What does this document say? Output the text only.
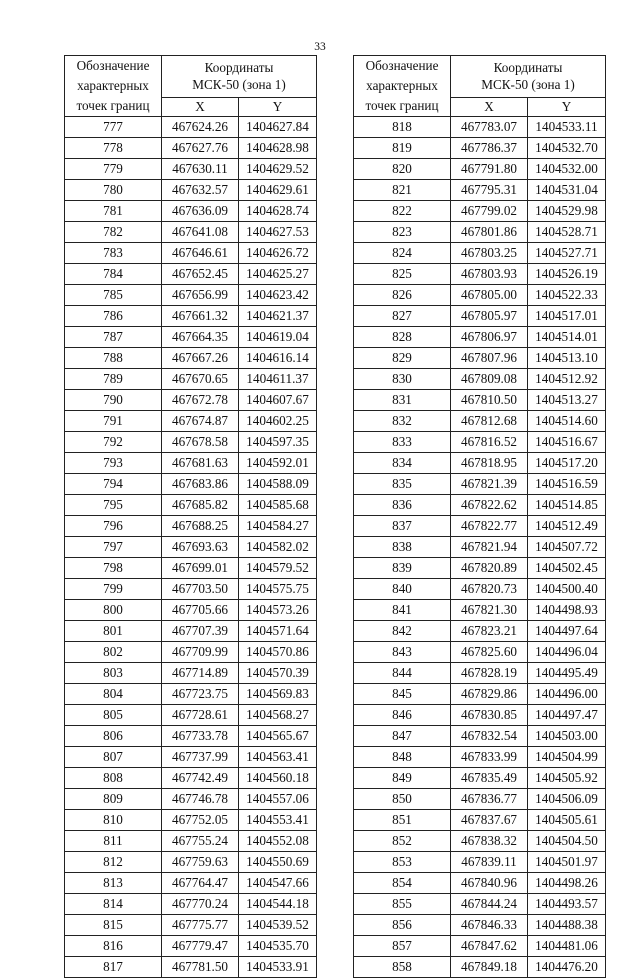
33
Обозначение
характерных
точек границ	Координаты
МСК-50 (зона 1)	
	X	Y
777	467624.26	1404627.84
778	467627.76	1404628.98
779	467630.11	1404629.52
780	467632.57	1404629.61
781	467636.09	1404628.74
782	467641.08	1404627.53
783	467646.61	1404626.72
784	467652.45	1404625.27
785	467656.99	1404623.42
786	467661.32	1404621.37
787	467664.35	1404619.04
788	467667.26	1404616.14
789	467670.65	1404611.37
790	467672.78	1404607.67
791	467674.87	1404602.25
792	467678.58	1404597.35
793	467681.63	1404592.01
794	467683.86	1404588.09
795	467685.82	1404585.68
796	467688.25	1404584.27
797	467693.63	1404582.02
798	467699.01	1404579.52
799	467703.50	1404575.75
800	467705.66	1404573.26
801	467707.39	1404571.64
802	467709.99	1404570.86
803	467714.89	1404570.39
804	467723.75	1404569.83
805	467728.61	1404568.27
806	467733.78	1404565.67
807	467737.99	1404563.41
808	467742.49	1404560.18
809	467746.78	1404557.06
810	467752.05	1404553.41
811	467755.24	1404552.08
812	467759.63	1404550.69
813	467764.47	1404547.66
814	467770.24	1404544.18
815	467775.77	1404539.52
816	467779.47	1404535.70
817	467781.50	1404533.91
Обозначение
характерных
точек границ	Координаты
МСК-50 (зона 1)	
	X	Y
818	467783.07	1404533.11
819	467786.37	1404532.70
820	467791.80	1404532.00
821	467795.31	1404531.04
822	467799.02	1404529.98
823	467801.86	1404528.71
824	467803.25	1404527.71
825	467803.93	1404526.19
826	467805.00	1404522.33
827	467805.97	1404517.01
828	467806.97	1404514.01
829	467807.96	1404513.10
830	467809.08	1404512.92
831	467810.50	1404513.27
832	467812.68	1404514.60
833	467816.52	1404516.67
834	467818.95	1404517.20
835	467821.39	1404516.59
836	467822.62	1404514.85
837	467822.77	1404512.49
838	467821.94	1404507.72
839	467820.89	1404502.45
840	467820.73	1404500.40
841	467821.30	1404498.93
842	467823.21	1404497.64
843	467825.60	1404496.04
844	467828.19	1404495.49
845	467829.86	1404496.00
846	467830.85	1404497.47
847	467832.54	1404503.00
848	467833.99	1404504.99
849	467835.49	1404505.92
850	467836.77	1404506.09
851	467837.67	1404505.61
852	467838.32	1404504.50
853	467839.11	1404501.97
854	467840.96	1404498.26
855	467844.24	1404493.57
856	467846.33	1404488.38
857	467847.62	1404481.06
858	467849.18	1404476.20
